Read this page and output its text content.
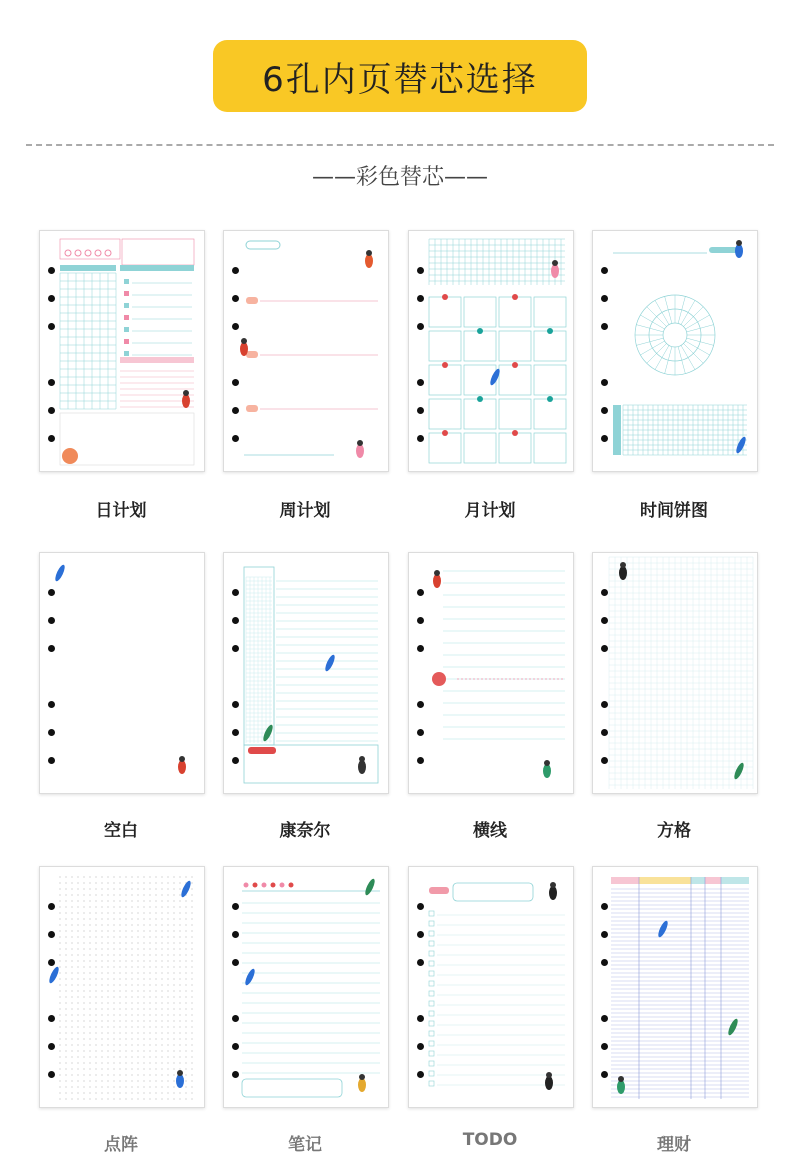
6孔内页替芯选择
——彩色替芯——
日计划	周计划	月计划	时间饼图
空白	康奈尔	横线	方格
点阵	笔记	TODO	理财
